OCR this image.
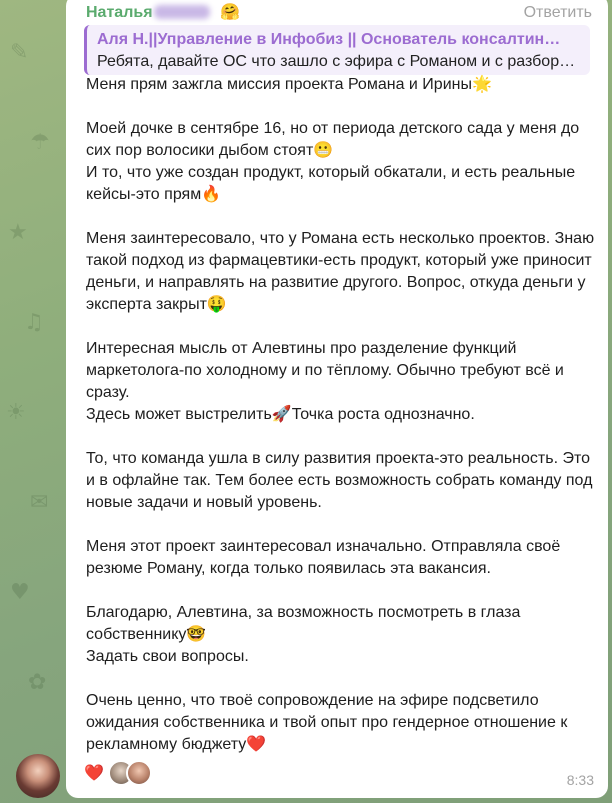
✎
☂
★
♫
☀
✉
♥
✿
Наталья	🤗	Ответить
Аля Н.||Управление в Инфобиз || Основатель консалтин…
Ребята, давайте ОС что зашло с эфира с Романом и с разбор…

Меня прям зажгла миссия проекта Романа и Ирины🌟

Моей дочке в сентябре 16, но от периода детского сада у меня до сих пор волосики дыбом стоят😬
И то, что уже создан продукт, который обкатали, и есть реальные кейсы-это прям🔥

Меня заинтересовало, что у Романа есть несколько проектов. Знаю такой подход из фармацевтики-есть продукт, который уже приносит деньги, и направлять на развитие другого. Вопрос, откуда деньги у эксперта закрыт🤑

Интересная мысль от Алевтины про разделение функций маркетолога-по холодному и по тёплому. Обычно требуют всё и сразу.
Здесь может выстрелить🚀Точка роста однозначно.

То, что команда ушла в силу развития проекта-это реальность. Это и в офлайне так. Тем более есть возможность собрать команду под новые задачи и новый уровень.

Меня этот проект заинтересовал изначально. Отправляла своё резюме Роману, когда только появилась эта вакансия.

Благодарю, Алевтина, за возможность посмотреть в глаза собственнику🤓
Задать свои вопросы.

Очень ценно, что твоё сопровождение на эфире подсветило ожидания собственника и твой опыт про гендерное отношение к рекламному бюджету❤️

❤️	8:33
